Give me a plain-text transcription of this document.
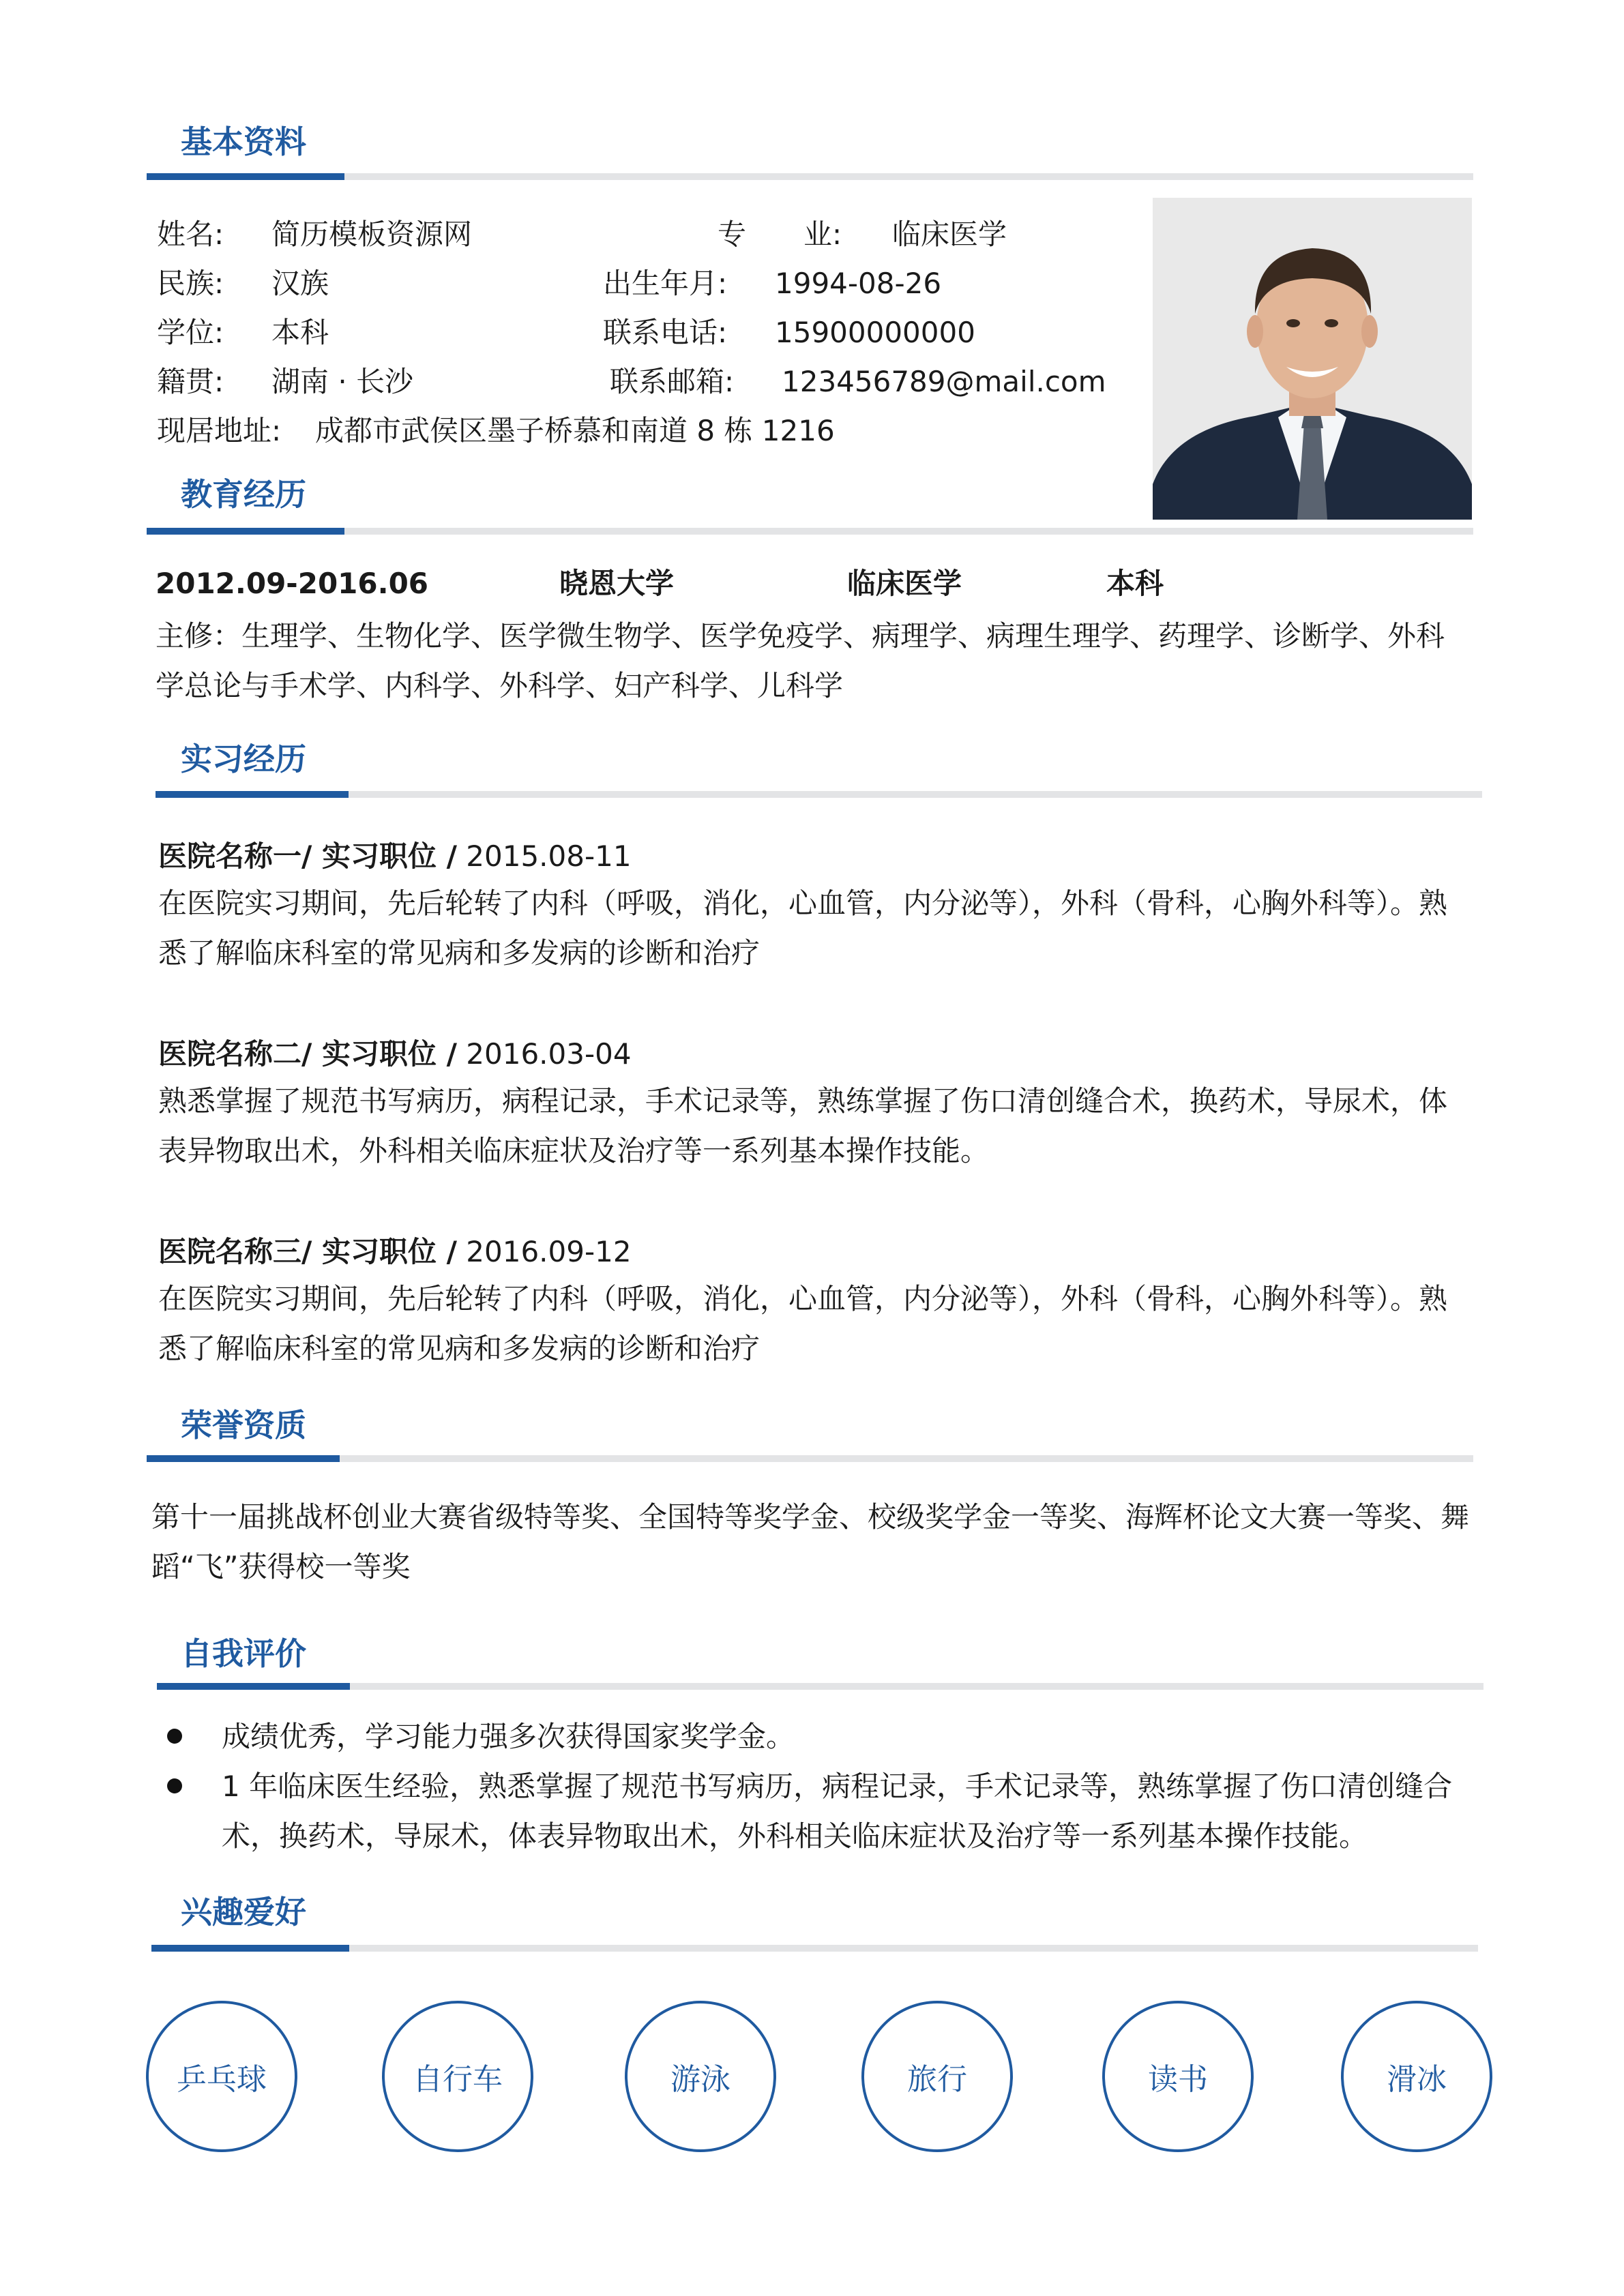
基本资料
姓名: 简历模板资源网	专　　业: 临床医学
民族: 汉族	出生年月: 1994-08-26
学位: 本科	联系电话: 15900000000
籍贯: 湖南 · 长沙	联系邮箱: 123456789@mail.com
现居地址: 成都市武侯区墨子桥慕和南道 8 栋 1216
教育经历
2012.09-2016.06	晓恩大学	临床医学	本科
主修：生理学、生物化学、医学微生物学、医学免疫学、病理学、病理生理学、药理学、诊断学、外科学总论与手术学、内科学、外科学、妇产科学、儿科学
实习经历
医院名称一/ 实习职位 / 2015.08-11
在医院实习期间，先后轮转了内科（呼吸，消化，心血管，内分泌等），外科（骨科，心胸外科等）。熟悉了解临床科室的常见病和多发病的诊断和治疗
医院名称二/ 实习职位 / 2016.03-04
熟悉掌握了规范书写病历，病程记录，手术记录等，熟练掌握了伤口清创缝合术，换药术，导尿术，体表异物取出术，外科相关临床症状及治疗等一系列基本操作技能。
医院名称三/ 实习职位 / 2016.09-12
在医院实习期间，先后轮转了内科（呼吸，消化，心血管，内分泌等），外科（骨科，心胸外科等）。熟悉了解临床科室的常见病和多发病的诊断和治疗
荣誉资质
第十一届挑战杯创业大赛省级特等奖、全国特等奖学金、校级奖学金一等奖、海辉杯论文大赛一等奖、舞蹈“飞”获得校一等奖
自我评价
成绩优秀，学习能力强多次获得国家奖学金。
1 年临床医生经验，熟悉掌握了规范书写病历，病程记录，手术记录等，熟练掌握了伤口清创缝合术，换药术，导尿术，体表异物取出术，外科相关临床症状及治疗等一系列基本操作技能。
兴趣爱好
乒乓球	自行车	游泳	旅行	读书	滑冰
